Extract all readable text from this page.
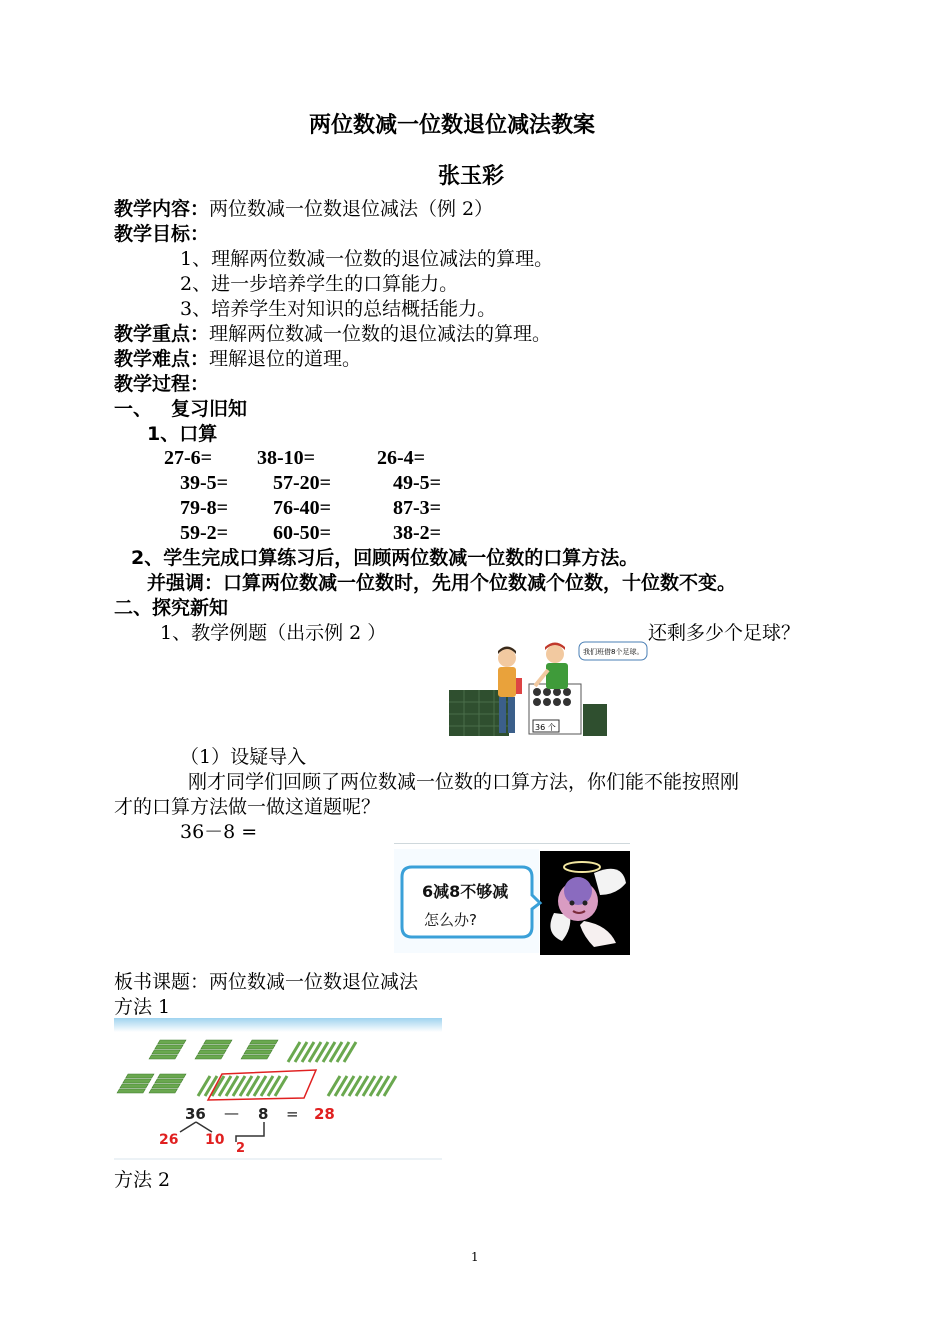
两位数减一位数退位减法教案
张玉彩
教学内容：两位数减一位数退位减法（例 2）
教学目标：
1、理解两位数减一位数的退位减法的算理。
2、进一步培养学生的口算能力。
3、培养学生对知识的总结概括能力。
教学重点：理解两位数减一位数的退位减法的算理。
教学难点：理解退位的道理。
教学过程：
一、 复习旧知
1、口算
27-6= 38-10=	26-4=
39-5= 57-20=	49-5=
79-8= 76-40=	87-3=
59-2= 60-50=	38-2=
2、学生完成口算练习后，回顾两位数减一位数的口算方法。
并强调：口算两位数减一位数时，先用个位数减个位数，十位数不变。
二、探究新知
1、教学例题（出示例 2 ）	还剩多少个足球？
36 个
我们班借8个足球。
（1）设疑导入
刚才同学们回顾了两位数减一位数的口算方法，你们能不能按照刚
才的口算方法做一做这道题呢？
36－8 =
6减8不够减
怎么办?
板书课题：两位数减一位数退位减法
方法 1
36 — 8 = 28
26 10
2
方法 2
1
